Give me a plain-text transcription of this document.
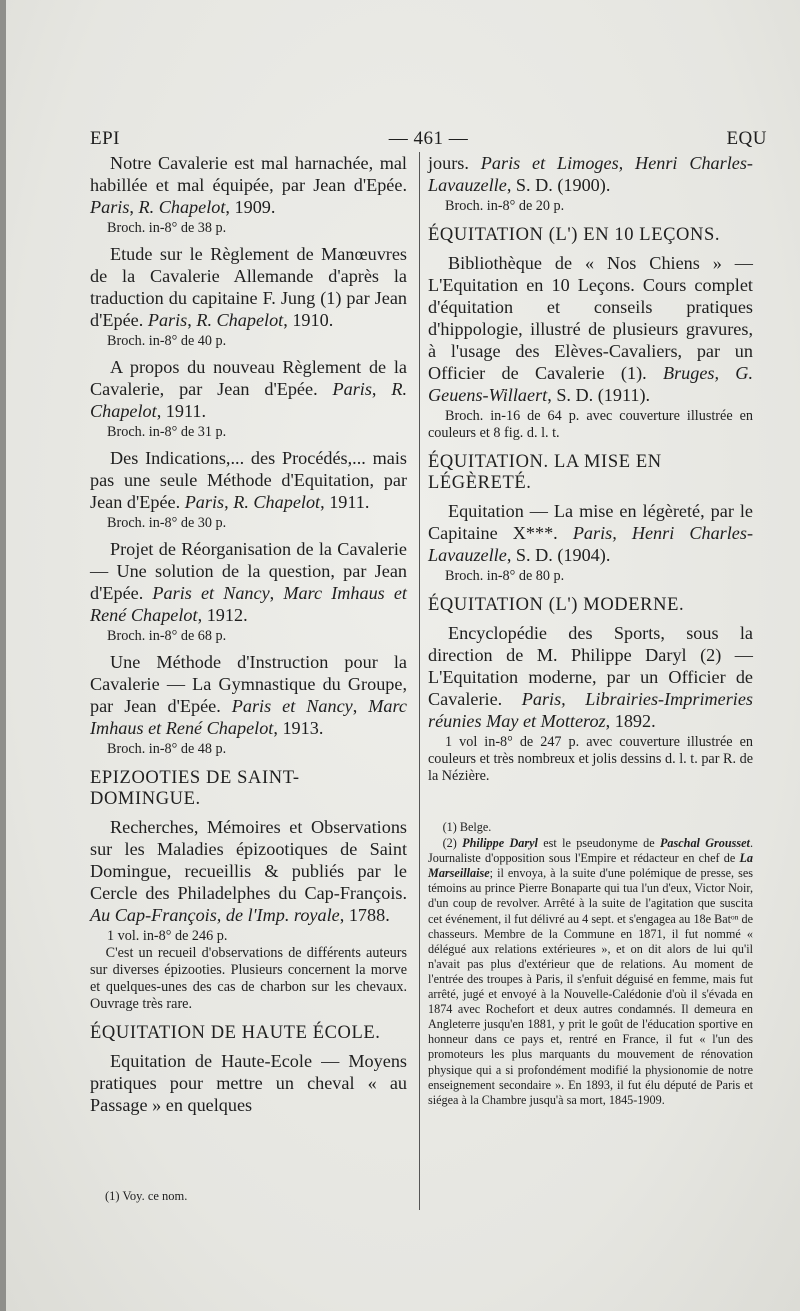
EPI	— 461 —	EQU

Notre Cavalerie est mal harnachée, mal habillée et mal équipée, par Jean d'Epée. Paris, R. Chapelot, 1909.

Broch. in-8° de 38 p.

Etude sur le Règlement de Manœuvres de la Cavalerie Allemande d'après la traduction du capitaine F. Jung (1) par Jean d'Epée. Paris, R. Chapelot, 1910.

Broch. in-8° de 40 p.

A propos du nouveau Règlement de la Cavalerie, par Jean d'Epée. Paris, R. Chapelot, 1911.

Broch. in-8° de 31 p.

Des Indications,... des Procédés,... mais pas une seule Méthode d'Equitation, par Jean d'Epée. Paris, R. Chapelot, 1911.

Broch. in-8° de 30 p.

Projet de Réorganisation de la Cavalerie — Une solution de la question, par Jean d'Epée. Paris et Nancy, Marc Imhaus et René Chapelot, 1912.

Broch. in-8° de 68 p.

Une Méthode d'Instruction pour la Cavalerie — La Gymnastique du Groupe, par Jean d'Epée. Paris et Nancy, Marc Imhaus et René Chapelot, 1913.

Broch. in-8° de 48 p.
EPIZOOTIES DE SAINT-DOMINGUE.

Recherches, Mémoires et Observations sur les Maladies épizootiques de Saint Domingue, recueillis & publiés par le Cercle des Philadelphes du Cap-François. Au Cap-François, de l'Imp. royale, 1788.

1 vol. in-8° de 246 p.

C'est un recueil d'observations de différents auteurs sur diverses épizooties. Plusieurs concernent la morve et quelques-unes des cas de charbon sur les chevaux. Ouvrage très rare.

ÉQUITATION DE HAUTE ÉCOLE.

Equitation de Haute-Ecole — Moyens pratiques pour mettre un cheval « au Passage » en quelques

(1) Voy. ce nom.

jours. Paris et Limoges, Henri Charles-Lavauzelle, S. D. (1900).

Broch. in-8° de 20 p.
ÉQUITATION (L') EN 10 LEÇONS.

Bibliothèque de « Nos Chiens » — L'Equitation en 10 Leçons. Cours complet d'équitation et conseils pratiques d'hippologie, illustré de plusieurs gravures, à l'usage des Elèves-Cavaliers, par un Officier de Cavalerie (1). Bruges, G. Geuens-Willaert, S. D. (1911).

Broch. in-16 de 64 p. avec couverture illustrée en couleurs et 8 fig. d. l. t.
ÉQUITATION. LA MISE EN LÉGÈRETÉ.

Equitation — La mise en légèreté, par le Capitaine X***. Paris, Henri Charles-Lavauzelle, S. D. (1904).

Broch. in-8° de 80 p.
ÉQUITATION (L') MODERNE.

Encyclopédie des Sports, sous la direction de M. Philippe Daryl (2) — L'Equitation moderne, par un Officier de Cavalerie. Paris, Librairies-Imprimeries réunies May et Motteroz, 1892.

1 vol in-8° de 247 p. avec couverture illustrée en couleurs et très nombreux et jolis dessins d. l. t. par R. de la Nézière.

(1) Belge.

(2) Philippe Daryl est le pseudonyme de Paschal Grousset. Journaliste d'opposition sous l'Empire et rédacteur en chef de La Marseillaise; il envoya, à la suite d'une polémique de presse, ses témoins au prince Pierre Bonaparte qui tua l'un d'eux, Victor Noir, d'un coup de revolver. Arrêté à la suite de l'agitation que suscita cet événement, il fut délivré au 4 sept. et s'engagea au 18e Batᵒⁿ de chasseurs. Membre de la Commune en 1871, il fut nommé « délégué aux relations extérieures », et on dit alors de lui qu'il n'avait pas plus d'extérieur que de relations. Au moment de l'entrée des troupes à Paris, il s'enfuit déguisé en femme, mais fut arrêté, jugé et envoyé à la Nouvelle-Calédonie d'où il s'évada en 1874 avec Rochefort et deux autres condamnés. Il demeura en Angleterre jusqu'en 1881, y prit le goût de l'éducation sportive en honneur dans ce pays et, rentré en France, il fut « l'un des promoteurs les plus marquants du mouvement de rénovation physique qui a si profondément modifié la physionomie de notre enseignement secondaire ». En 1893, il fut élu député de Paris et siégea à la Chambre jusqu'à sa mort, 1845-1909.
